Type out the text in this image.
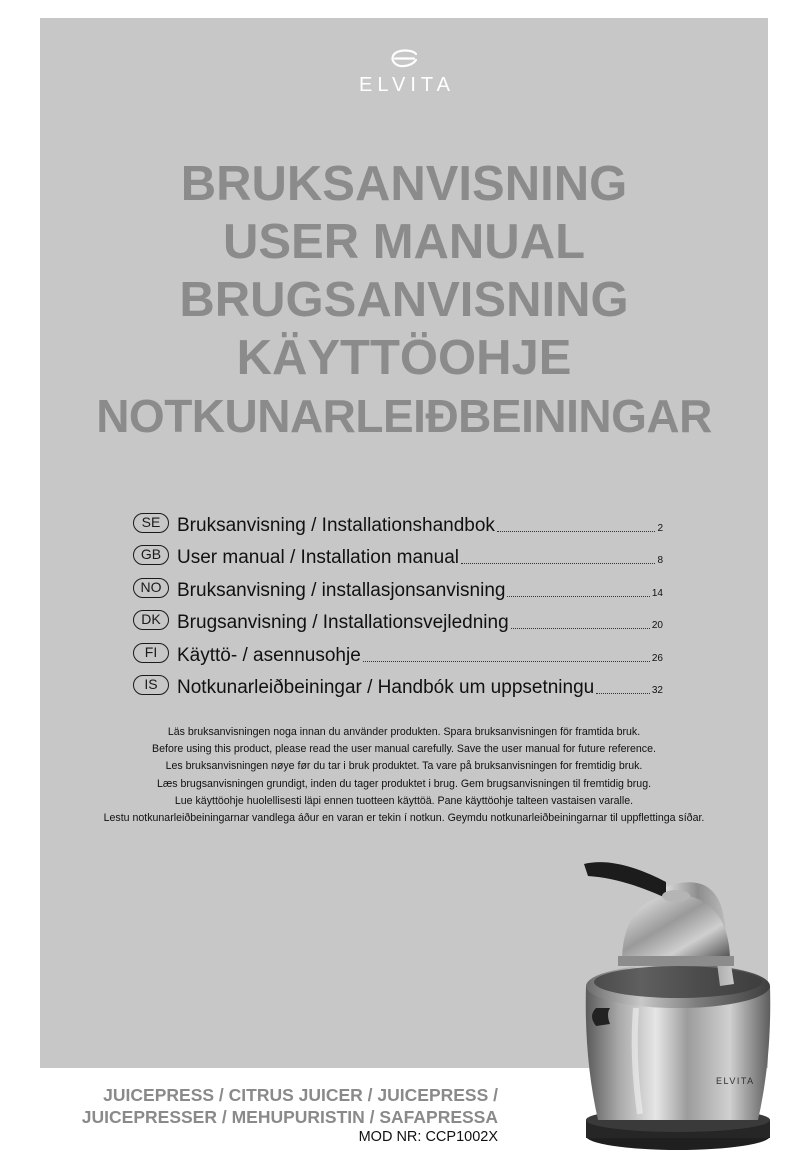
ELVITA
BRUKSANVISNING
USER MANUAL
BRUGSANVISNING
KÄYTTÖOHJE
NOTKUNARLEIÐBEININGAR
SE Bruksanvisning / Installationshandbok	2
GB User manual / Installation manual	8
NO Bruksanvisning / installasjonsanvisning	14
DK Brugsanvisning / Installationsvejledning	20
FI	Käyttö- / asennusohje	26
IS	Notkunarleiðbeiningar / Handbók um uppsetningu	32
Läs bruksanvisningen noga innan du använder produkten. Spara bruksanvisningen för framtida bruk.
Before using this product, please read the user manual carefully. Save the user manual for future reference.
Les bruksanvisningen nøye før du tar i bruk produktet. Ta vare på bruksanvisningen for fremtidig bruk.
Læs brugsanvisningen grundigt, inden du tager produktet i brug. Gem brugsanvisningen til fremtidig brug.
Lue käyttöohje huolellisesti läpi ennen tuotteen käyttöä. Pane käyttöohje talteen vastaisen varalle.
Lestu notkunarleiðbeiningarnar vandlega áður en varan er tekin í notkun. Geymdu notkunarleiðbeiningarnar til uppflettinga síðar.
ELVITA
JUICEPRESS / CITRUS JUICER / JUICEPRESS /
JUICEPRESSER / MEHUPURISTIN / SAFAPRESSA
MOD NR: CCP1002X
